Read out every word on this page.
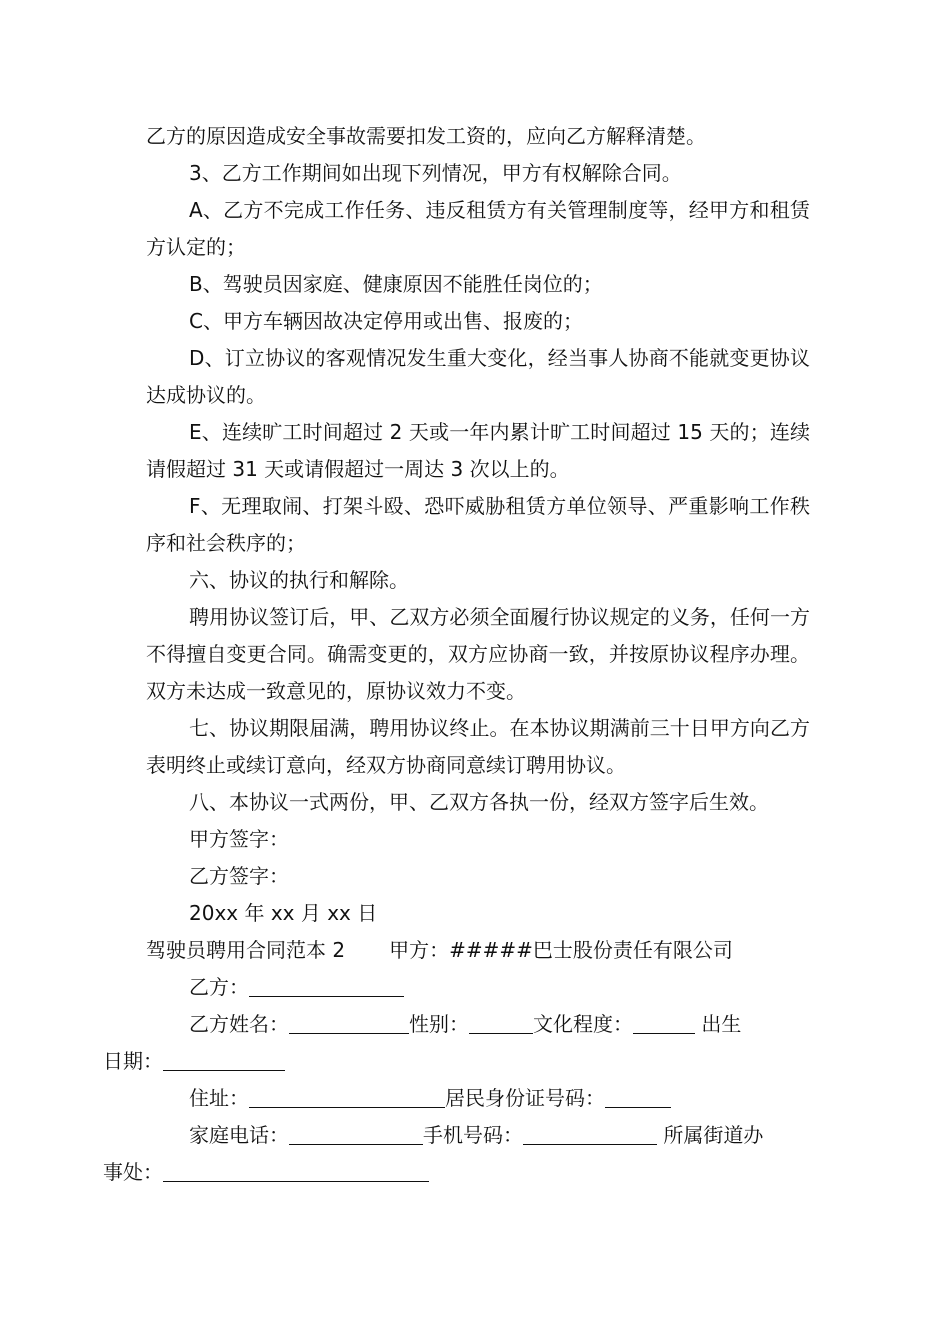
乙方的原因造成安全事故需要扣发工资的，应向乙方解释清楚。

3、乙方工作期间如出现下列情况，甲方有权解除合同。

A、乙方不完成工作任务、违反租赁方有关管理制度等，经甲方和租赁方认定的；

B、驾驶员因家庭、健康原因不能胜任岗位的；

C、甲方车辆因故决定停用或出售、报废的；

D、订立协议的客观情况发生重大变化，经当事人协商不能就变更协议达成协议的。

E、连续旷工时间超过 2 天或一年内累计旷工时间超过 15 天的；连续请假超过 31 天或请假超过一周达 3 次以上的。

F、无理取闹、打架斗殴、恐吓威胁租赁方单位领导、严重影响工作秩序和社会秩序的；

六、协议的执行和解除。

聘用协议签订后，甲、乙双方必须全面履行协议规定的义务，任何一方不得擅自变更合同。确需变更的，双方应协商一致，并按原协议程序办理。双方未达成一致意见的，原协议效力不变。

七、协议期限届满，聘用协议终止。在本协议期满前三十日甲方向乙方表明终止或续订意向，经双方协商同意续订聘用协议。

八、本协议一式两份，甲、乙双方各执一份，经双方签字后生效。

甲方签字：

乙方签字：

20xx 年 xx 月 xx 日

驾驶员聘用合同范本 2 甲方：#####巴士股份责任有限公司

乙方：

乙方姓名：	性别：	文化程度：	出生
日期：

住址：	居民身份证号码：

家庭电话：	手机号码：	所属街道办
事处：
